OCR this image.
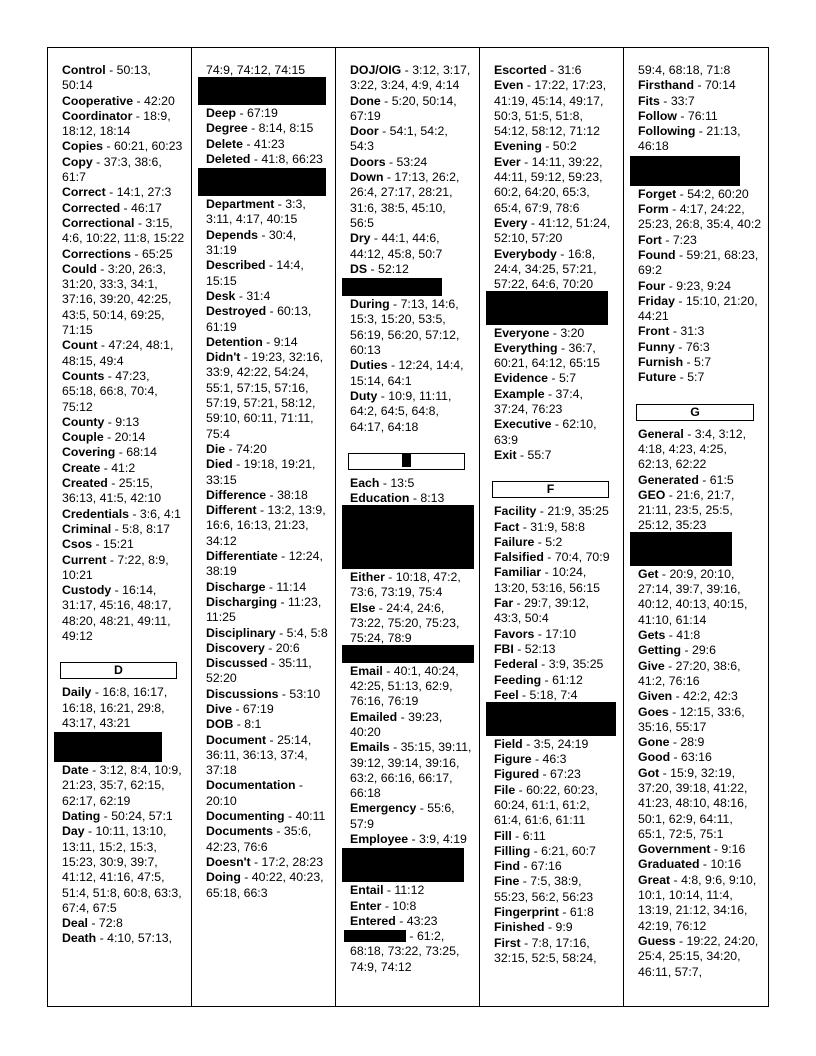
Control - 50:13, 50:14

Cooperative - 42:20

Coordinator - 18:9, 18:12, 18:14

Copies - 60:21, 60:23

Copy - 37:3, 38:6, 61:7

Correct - 14:1, 27:3

Corrected - 46:17

Correctional - 3:15, 4:6, 10:22, 11:8, 15:22

Corrections - 65:25

Could - 3:20, 26:3, 31:20, 33:3, 34:1, 37:16, 39:20, 42:25, 43:5, 50:14, 69:25, 71:15

Count - 47:24, 48:1, 48:15, 49:4

Counts - 47:23, 65:18, 66:8, 70:4, 75:12

County - 9:13

Couple - 20:14

Covering - 68:14

Create - 41:2

Created - 25:15, 36:13, 41:5, 42:10

Credentials - 3:6, 4:1

Criminal - 5:8, 8:17

Csos - 15:21

Current - 7:22, 8:9, 10:21

Custody - 16:14, 31:17, 45:16, 48:17, 48:20, 48:21, 49:11, 49:12

D

Daily - 16:8, 16:17, 16:18, 16:21, 29:8, 43:17, 43:21

Date - 3:12, 8:4, 10:9, 21:23, 35:7, 62:15, 62:17, 62:19

Dating - 50:24, 57:1

Day - 10:11, 13:10, 13:11, 15:2, 15:3, 15:23, 30:9, 39:7, 41:12, 41:16, 47:5, 51:4, 51:8, 60:8, 63:3, 67:4, 67:5

Deal - 72:8

Death - 4:10, 57:13,

74:9, 74:12, 74:15

Deep - 67:19

Degree - 8:14, 8:15

Delete - 41:23

Deleted - 41:8, 66:23

Department - 3:3, 3:11, 4:17, 40:15

Depends - 30:4, 31:19

Described - 14:4, 15:15

Desk - 31:4

Destroyed - 60:13, 61:19

Detention - 9:14

Didn't - 19:23, 32:16, 33:9, 42:22, 54:24, 55:1, 57:15, 57:16, 57:19, 57:21, 58:12, 59:10, 60:11, 71:11, 75:4

Die - 74:20

Died - 19:18, 19:21, 33:15

Difference - 38:18

Different - 13:2, 13:9, 16:6, 16:13, 21:23, 34:12

Differentiate - 12:24, 38:19

Discharge - 11:14

Discharging - 11:23, 11:25

Disciplinary - 5:4, 5:8

Discovery - 20:6

Discussed - 35:11, 52:20

Discussions - 53:10

Dive - 67:19

DOB - 8:1

Document - 25:14, 36:11, 36:13, 37:4, 37:18

Documentation - 20:10

Documenting - 40:11

Documents - 35:6, 42:23, 76:6

Doesn't - 17:2, 28:23

Doing - 40:22, 40:23, 65:18, 66:3

DOJ/OIG - 3:12, 3:17, 3:22, 3:24, 4:9, 4:14

Done - 5:20, 50:14, 67:19

Door - 54:1, 54:2, 54:3

Doors - 53:24

Down - 17:13, 26:2, 26:4, 27:17, 28:21, 31:6, 38:5, 45:10, 56:5

Dry - 44:1, 44:6, 44:12, 45:8, 50:7

DS - 52:12

During - 7:13, 14:6, 15:3, 15:20, 53:5, 56:19, 56:20, 57:12, 60:13

Duties - 12:24, 14:4, 15:14, 64:1

Duty - 10:9, 11:11, 64:2, 64:5, 64:8, 64:17, 64:18

Each - 13:5

Education - 8:13

Either - 10:18, 47:2, 73:6, 73:19, 75:4

Else - 24:4, 24:6, 73:22, 75:20, 75:23, 75:24, 78:9

Email - 40:1, 40:24, 42:25, 51:13, 62:9, 76:16, 76:19

Emailed - 39:23, 40:20

Emails - 35:15, 39:11, 39:12, 39:14, 39:16, 63:2, 66:16, 66:17, 66:18

Emergency - 55:6, 57:9

Employee - 3:9, 4:19

Entail - 11:12

Enter - 10:8

Entered - 43:23

- 61:2, 68:18, 73:22, 73:25, 74:9, 74:12

Escorted - 31:6

Even - 17:22, 17:23, 41:19, 45:14, 49:17, 50:3, 51:5, 51:8, 54:12, 58:12, 71:12

Evening - 50:2

Ever - 14:11, 39:22, 44:11, 59:12, 59:23, 60:2, 64:20, 65:3, 65:4, 67:9, 78:6

Every - 41:12, 51:24, 52:10, 57:20

Everybody - 16:8, 24:4, 34:25, 57:21, 57:22, 64:6, 70:20

Everyone - 3:20

Everything - 36:7, 60:21, 64:12, 65:15

Evidence - 5:7

Example - 37:4, 37:24, 76:23

Executive - 62:10, 63:9

Exit - 55:7

F

Facility - 21:9, 35:25

Fact - 31:9, 58:8

Failure - 5:2

Falsified - 70:4, 70:9

Familiar - 10:24, 13:20, 53:16, 56:15

Far - 29:7, 39:12, 43:3, 50:4

Favors - 17:10

FBI - 52:13

Federal - 3:9, 35:25

Feeding - 61:12

Feel - 5:18, 7:4

Field - 3:5, 24:19

Figure - 46:3

Figured - 67:23

File - 60:22, 60:23, 60:24, 61:1, 61:2, 61:4, 61:6, 61:11

Fill - 6:11

Filling - 6:21, 60:7

Find - 67:16

Fine - 7:5, 38:9, 55:23, 56:2, 56:23

Fingerprint - 61:8

Finished - 9:9

First - 7:8, 17:16, 32:15, 52:5, 58:24,

59:4, 68:18, 71:8

Firsthand - 70:14

Fits - 33:7

Follow - 76:11

Following - 21:13, 46:18

Forget - 54:2, 60:20

Form - 4:17, 24:22, 25:23, 26:8, 35:4, 40:2

Fort - 7:23

Found - 59:21, 68:23, 69:2

Four - 9:23, 9:24

Friday - 15:10, 21:20, 44:21

Front - 31:3

Funny - 76:3

Furnish - 5:7

Future - 5:7

G

General - 3:4, 3:12, 4:18, 4:23, 4:25, 62:13, 62:22

Generated - 61:5

GEO - 21:6, 21:7, 21:11, 23:5, 25:5, 25:12, 35:23

Get - 20:9, 20:10, 27:14, 39:7, 39:16, 40:12, 40:13, 40:15, 41:10, 61:14

Gets - 41:8

Getting - 29:6

Give - 27:20, 38:6, 41:2, 76:16

Given - 42:2, 42:3

Goes - 12:15, 33:6, 35:16, 55:17

Gone - 28:9

Good - 63:16

Got - 15:9, 32:19, 37:20, 39:18, 41:22, 41:23, 48:10, 48:16, 50:1, 62:9, 64:11, 65:1, 72:5, 75:1

Government - 9:16

Graduated - 10:16

Great - 4:8, 9:6, 9:10, 10:1, 10:14, 11:4, 13:19, 21:12, 34:16, 42:19, 76:12

Guess - 19:22, 24:20, 25:4, 25:15, 34:20, 46:11, 57:7,
